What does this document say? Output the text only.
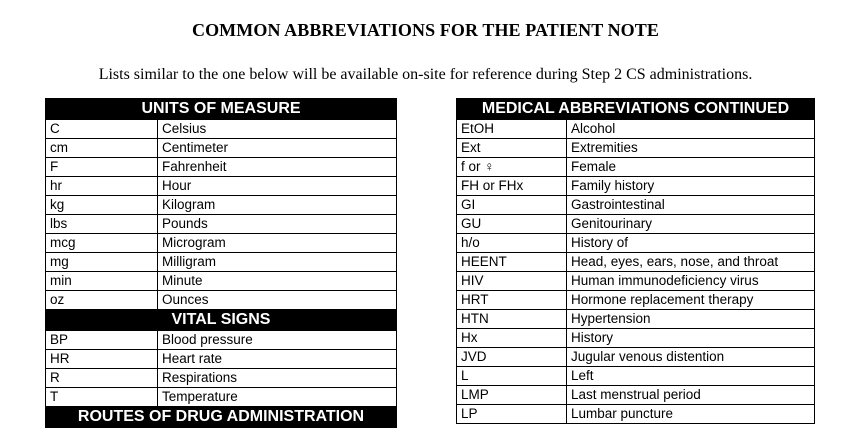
COMMON ABBREVIATIONS FOR THE PATIENT NOTE
Lists similar to the one below will be available on-site for reference during Step 2 CS administrations.
UNITS OF MEASURE	
C	Celsius
cm	Centimeter
F	Fahrenheit
hr	Hour
kg	Kilogram
lbs	Pounds
mcg	Microgram
mg	Milligram
min	Minute
oz	Ounces
VITAL SIGNS	
BP	Blood pressure
HR	Heart rate
R	Respirations
T	Temperature
ROUTES OF DRUG ADMINISTRATION	
MEDICAL ABBREVIATIONS CONTINUED	
EtOH	Alcohol
Ext	Extremities
f or ♀	Female
FH or FHx	Family history
GI	Gastrointestinal
GU	Genitourinary
h/o	History of
HEENT	Head, eyes, ears, nose, and throat
HIV	Human immunodeficiency virus
HRT	Hormone replacement therapy
HTN	Hypertension
Hx	History
JVD	Jugular venous distention
L	Left
LMP	Last menstrual period
LP	Lumbar puncture
